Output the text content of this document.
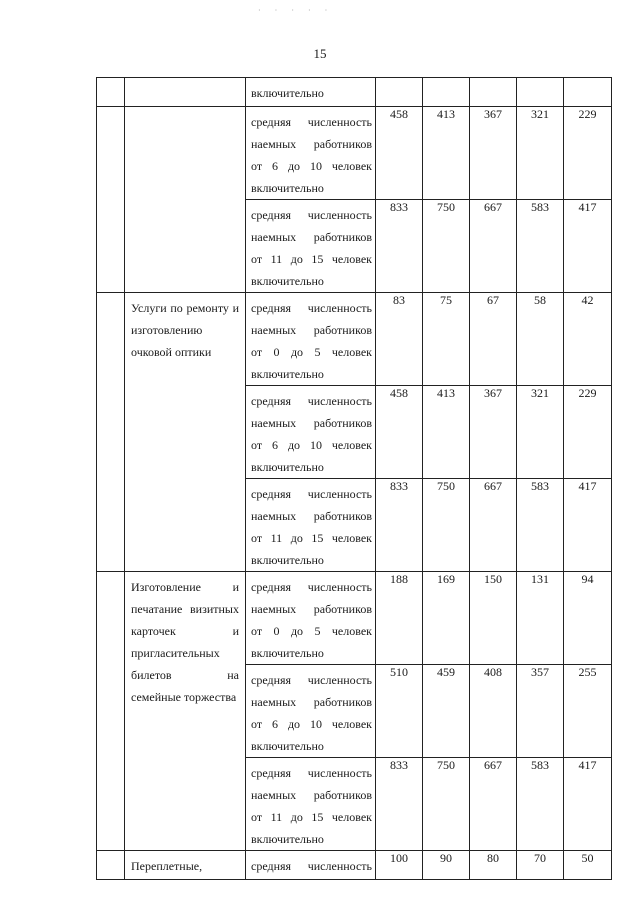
· · · · ·
15

		включительно					

		средняя численность
наемных работников
от 6 до 10 человек
включительно	458	413	367	321	229

		средняя численность
наемных работников
от 11 до 15 человек
включительно	833	750	667	583	417

	Услуги по ремонту и изготовлению очковой оптики	средняя численность
наемных работников
от 0 до 5 человек
включительно	83	75	67	58	42

		средняя численность
наемных работников
от 6 до 10 человек
включительно	458	413	367	321	229

		средняя численность
наемных работников
от 11 до 15 человек
включительно	833	750	667	583	417

	Изготовление и печатание визитных карточек и пригласительных билетов на семейные торжества	средняя численность
наемных работников
от 0 до 5 человек
включительно	188	169	150	131	94

		средняя численность
наемных работников
от 6 до 10 человек
включительно	510	459	408	357	255

		средняя численность
наемных работников
от 11 до 15 человек
включительно	833	750	667	583	417

	Переплетные,	средняя численность	100	90	80	70	50
